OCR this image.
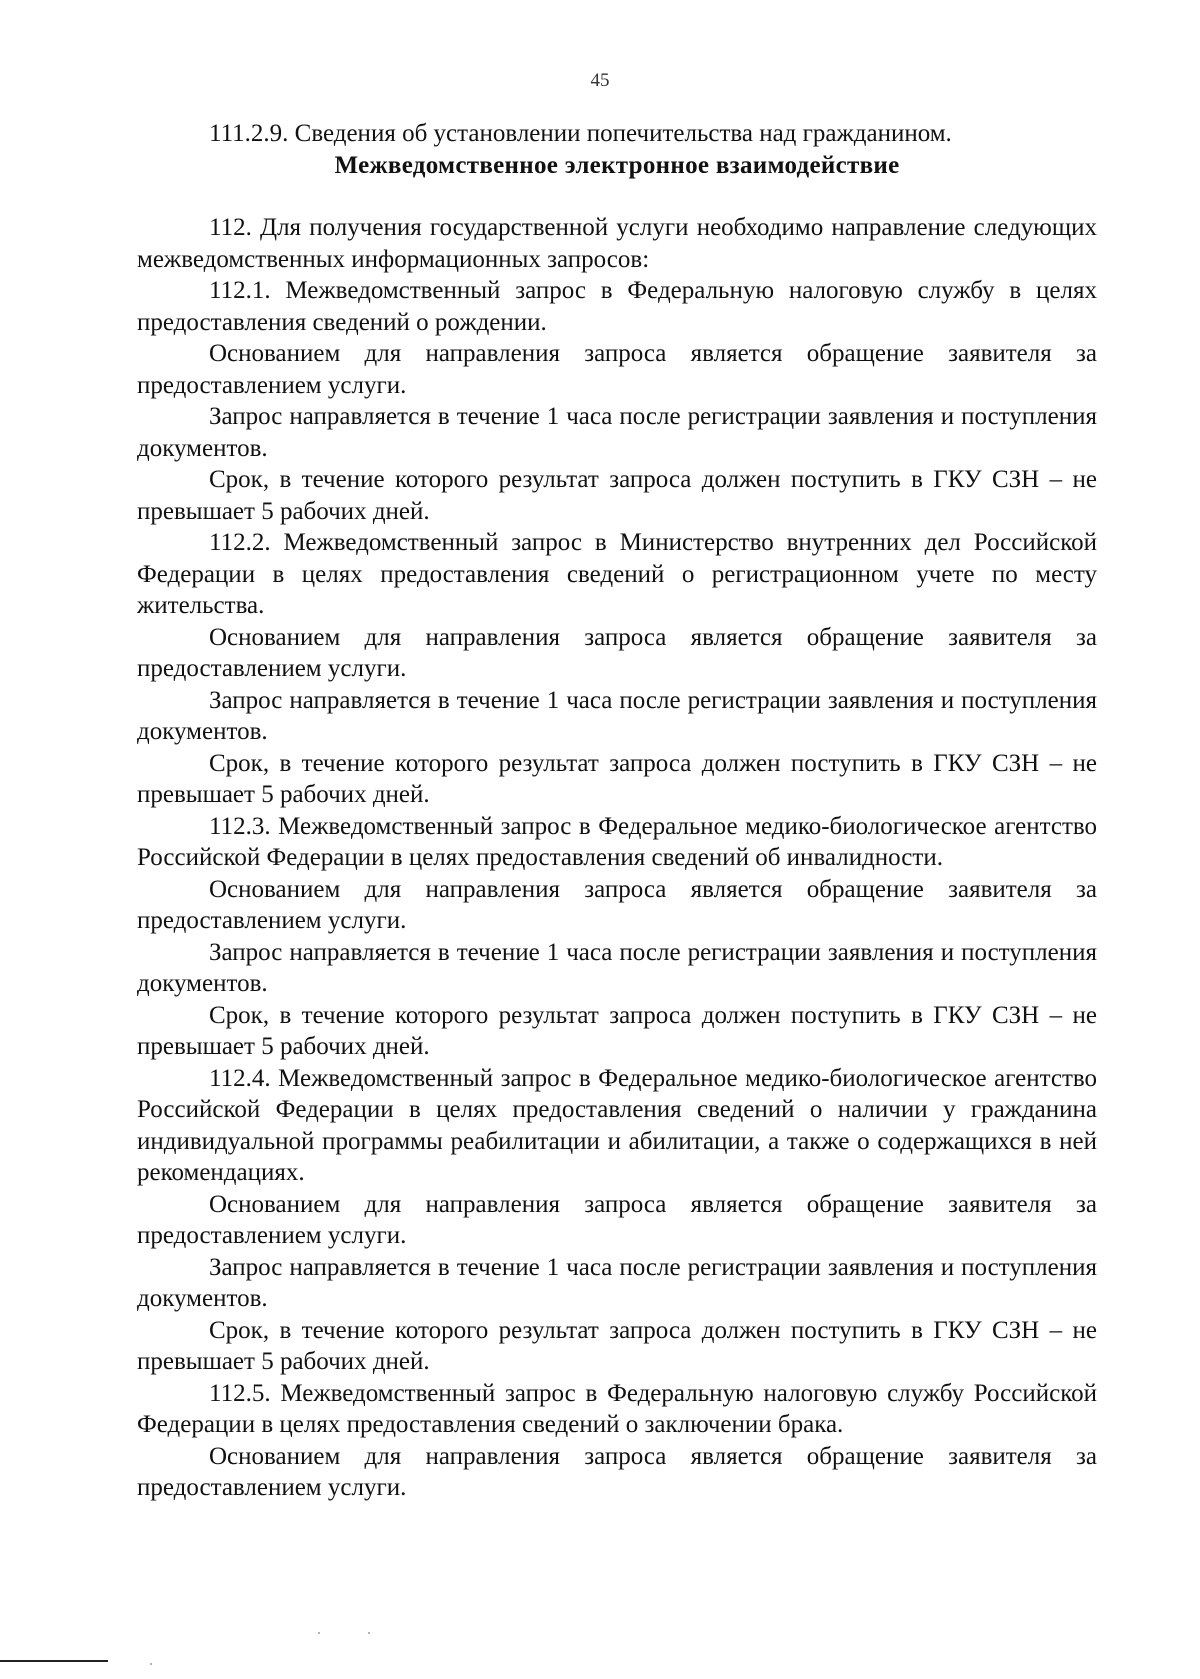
45

111.2.9. Сведения об установлении попечительства над гражданином.

Межведомственное электронное взаимодействие

112. Для получения государственной услуги необходимо направление следующих межведомственных информационных запросов:

112.1. Межведомственный запрос в Федеральную налоговую службу в целях предоставления сведений о рождении.

Основанием для направления запроса является обращение заявителя за предоставлением услуги.

Запрос направляется в течение 1 часа после регистрации заявления и поступления документов.

Срок, в течение которого результат запроса должен поступить в ГКУ СЗН – не превышает 5 рабочих дней.

112.2. Межведомственный запрос в Министерство внутренних дел Российской Федерации в целях предоставления сведений о регистрационном учете по месту жительства.

Основанием для направления запроса является обращение заявителя за предоставлением услуги.

Запрос направляется в течение 1 часа после регистрации заявления и поступления документов.

Срок, в течение которого результат запроса должен поступить в ГКУ СЗН – не превышает 5 рабочих дней.

112.3. Межведомственный запрос в Федеральное медико-биологическое агентство Российской Федерации в целях предоставления сведений об инвалидности.

Основанием для направления запроса является обращение заявителя за предоставлением услуги.

Запрос направляется в течение 1 часа после регистрации заявления и поступления документов.

Срок, в течение которого результат запроса должен поступить в ГКУ СЗН – не превышает 5 рабочих дней.

112.4. Межведомственный запрос в Федеральное медико-биологическое агентство Российской Федерации в целях предоставления сведений о наличии у гражданина индивидуальной программы реабилитации и абилитации, а также о содержащихся в ней рекомендациях.

Основанием для направления запроса является обращение заявителя за предоставлением услуги.

Запрос направляется в течение 1 часа после регистрации заявления и поступления документов.

Срок, в течение которого результат запроса должен поступить в ГКУ СЗН – не превышает 5 рабочих дней.

112.5. Межведомственный запрос в Федеральную налоговую службу Российской Федерации в целях предоставления сведений о заключении брака.

Основанием для направления запроса является обращение заявителя за предоставлением услуги.
